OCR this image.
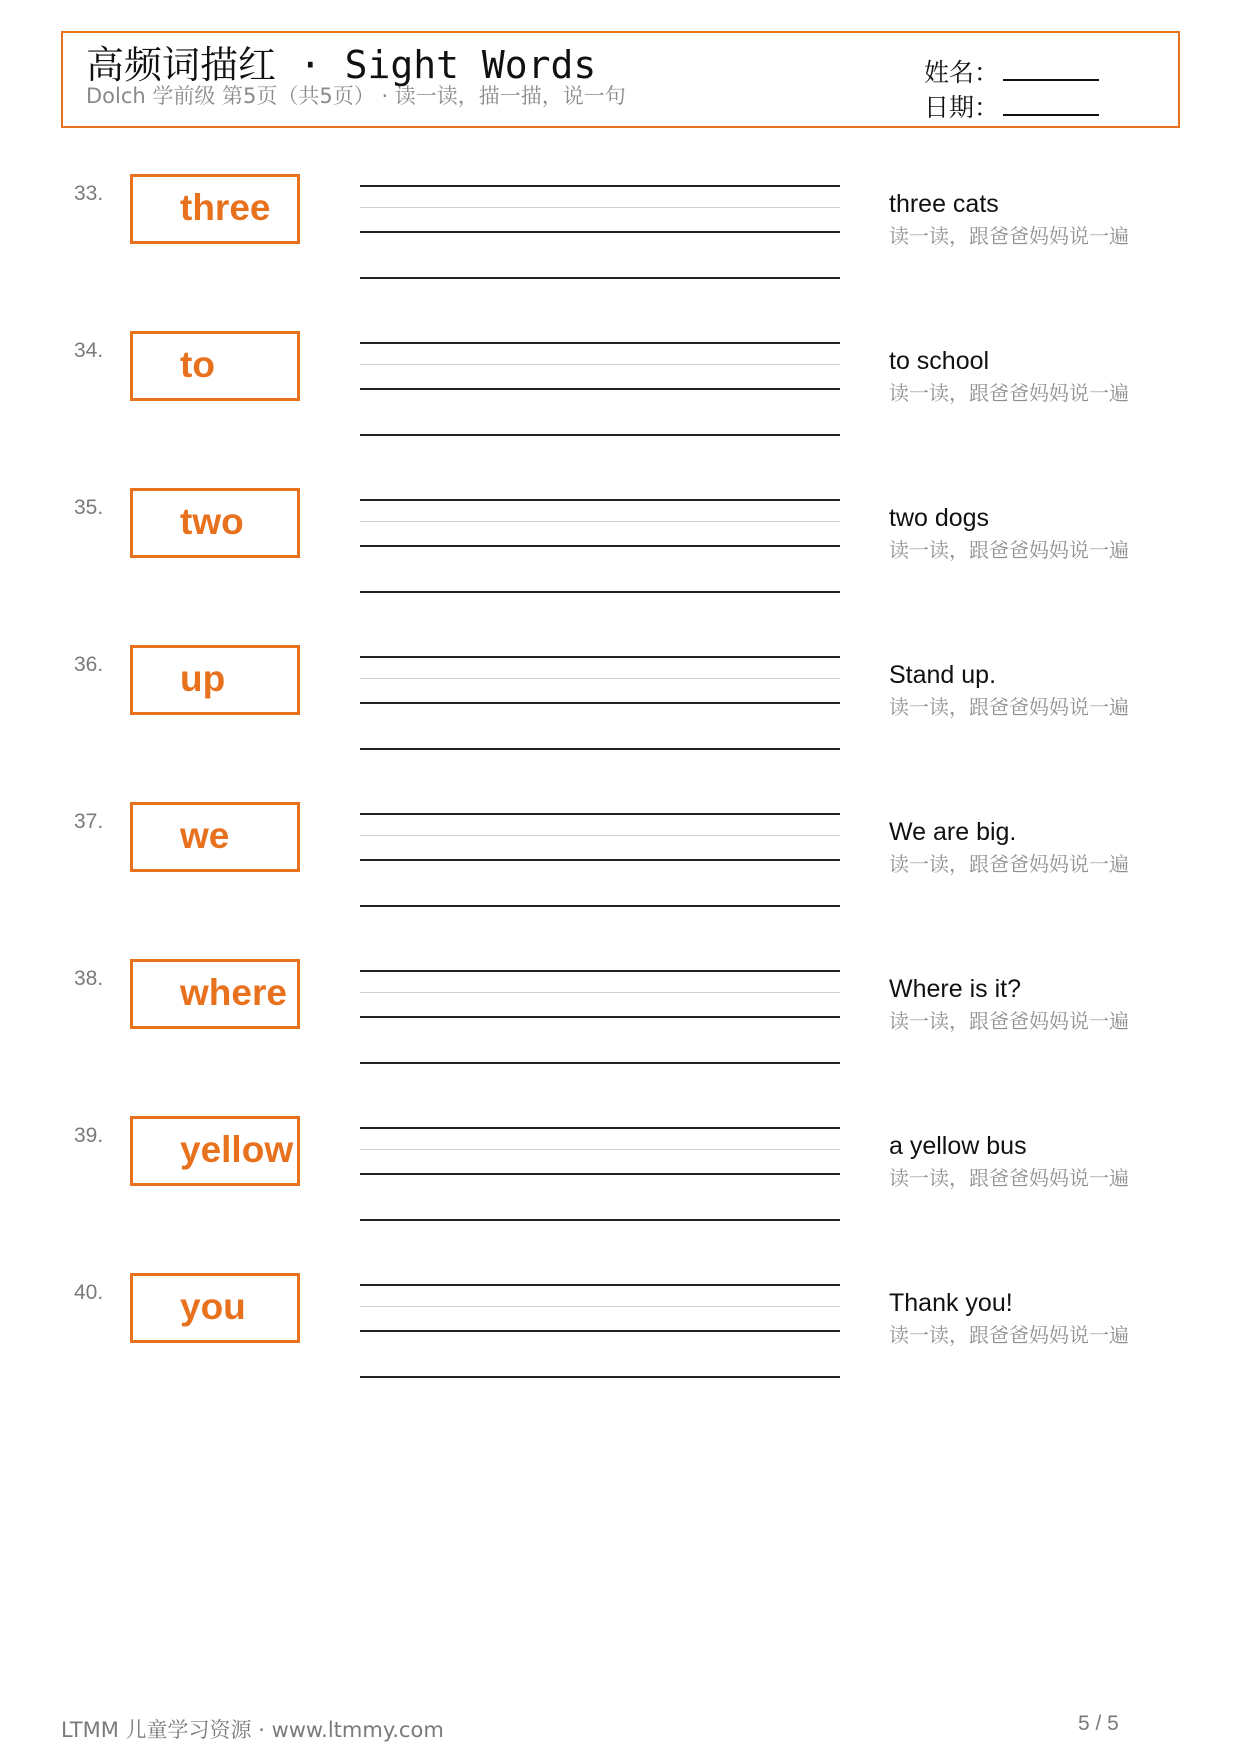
高频词描红 · Sight Words
Dolch 学前级 第5页（共5页） · 读一读，描一描，说一句
姓名：
日期：
33. three	three cats
读一读，跟爸爸妈妈说一遍
34. to	to school
读一读，跟爸爸妈妈说一遍
35. two	two dogs
读一读，跟爸爸妈妈说一遍
36. up	Stand up.
读一读，跟爸爸妈妈说一遍
37. we	We are big.
读一读，跟爸爸妈妈说一遍
38. where	Where is it?
读一读，跟爸爸妈妈说一遍
39. yellow	a yellow bus
读一读，跟爸爸妈妈说一遍
40. you	Thank you!
读一读，跟爸爸妈妈说一遍
LTMM 儿童学习资源 · www.ltmmy.com	5 / 5
